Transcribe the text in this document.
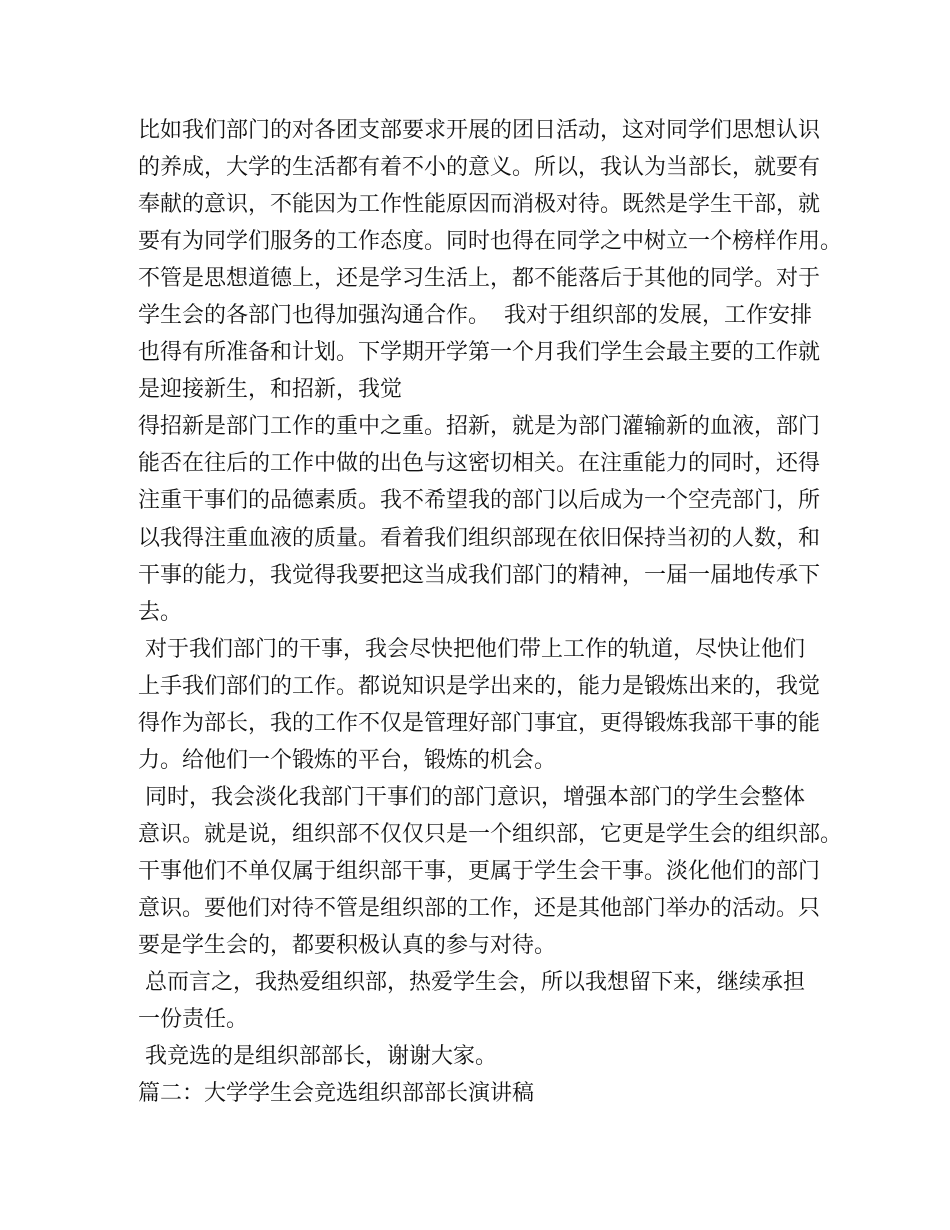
比如我们部门的对各团支部要求开展的团日活动，这对同学们思想认识
的养成，大学的生活都有着不小的意义。所以，我认为当部长，就要有
奉献的意识，不能因为工作性能原因而消极对待。既然是学生干部，就
要有为同学们服务的工作态度。同时也得在同学之中树立一个榜样作用。
不管是思想道德上，还是学习生活上，都不能落后于其他的同学。对于
学生会的各部门也得加强沟通合作。  我对于组织部的发展，工作安排
也得有所准备和计划。下学期开学第一个月我们学生会最主要的工作就
是迎接新生，和招新，我觉
得招新是部门工作的重中之重。招新，就是为部门灌输新的血液，部门
能否在往后的工作中做的出色与这密切相关。在注重能力的同时，还得
注重干事们的品德素质。我不希望我的部门以后成为一个空壳部门，所
以我得注重血液的质量。看着我们组织部现在依旧保持当初的人数，和
干事的能力，我觉得我要把这当成我们部门的精神，一届一届地传承下
去。
对于我们部门的干事，我会尽快把他们带上工作的轨道，尽快让他们
上手我们部们的工作。都说知识是学出来的，能力是锻炼出来的，我觉
得作为部长，我的工作不仅是管理好部门事宜，更得锻炼我部干事的能
力。给他们一个锻炼的平台，锻炼的机会。
同时，我会淡化我部门干事们的部门意识，增强本部门的学生会整体
意识。就是说，组织部不仅仅只是一个组织部，它更是学生会的组织部。
干事他们不单仅属于组织部干事，更属于学生会干事。淡化他们的部门
意识。要他们对待不管是组织部的工作，还是其他部门举办的活动。只
要是学生会的，都要积极认真的参与对待。
总而言之，我热爱组织部，热爱学生会，所以我想留下来，继续承担
一份责任。
我竞选的是组织部部长，谢谢大家。
篇二：大学学生会竞选组织部部长演讲稿
